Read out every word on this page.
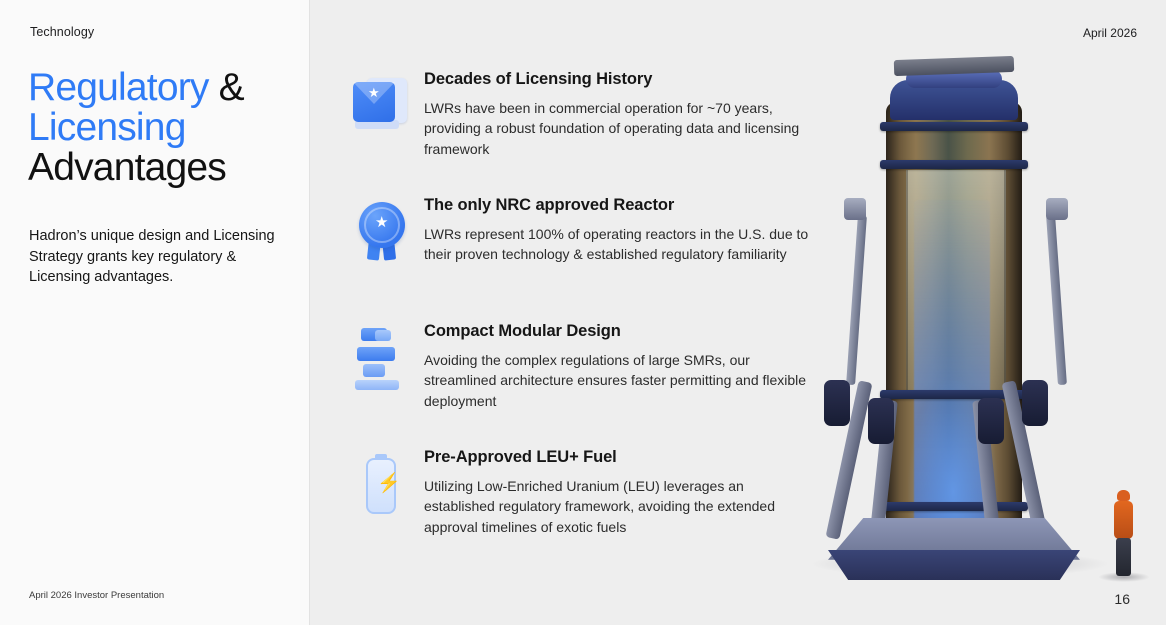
Technology
Regulatory &
Licensing
Advantages
Hadron’s unique design and Licensing Strategy grants key regulatory & Licensing advantages.
April 2026 Investor Presentation
April 2026
★
Decades of Licensing History

LWRs have been in commercial operation for ~70 years, providing a robust foundation of operating data and licensing framework

★
The only NRC approved Reactor

LWRs represent 100% of operating reactors in the U.S. due to their proven technology & established regulatory familiarity

Compact Modular Design

Avoiding the complex regulations of large SMRs, our streamlined architecture ensures faster permitting and flexible deployment

⚡
Pre-Approved LEU+ Fuel

Utilizing Low-Enriched Uranium (LEU) leverages an established regulatory framework, avoiding the extended approval timelines of exotic fuels

16
